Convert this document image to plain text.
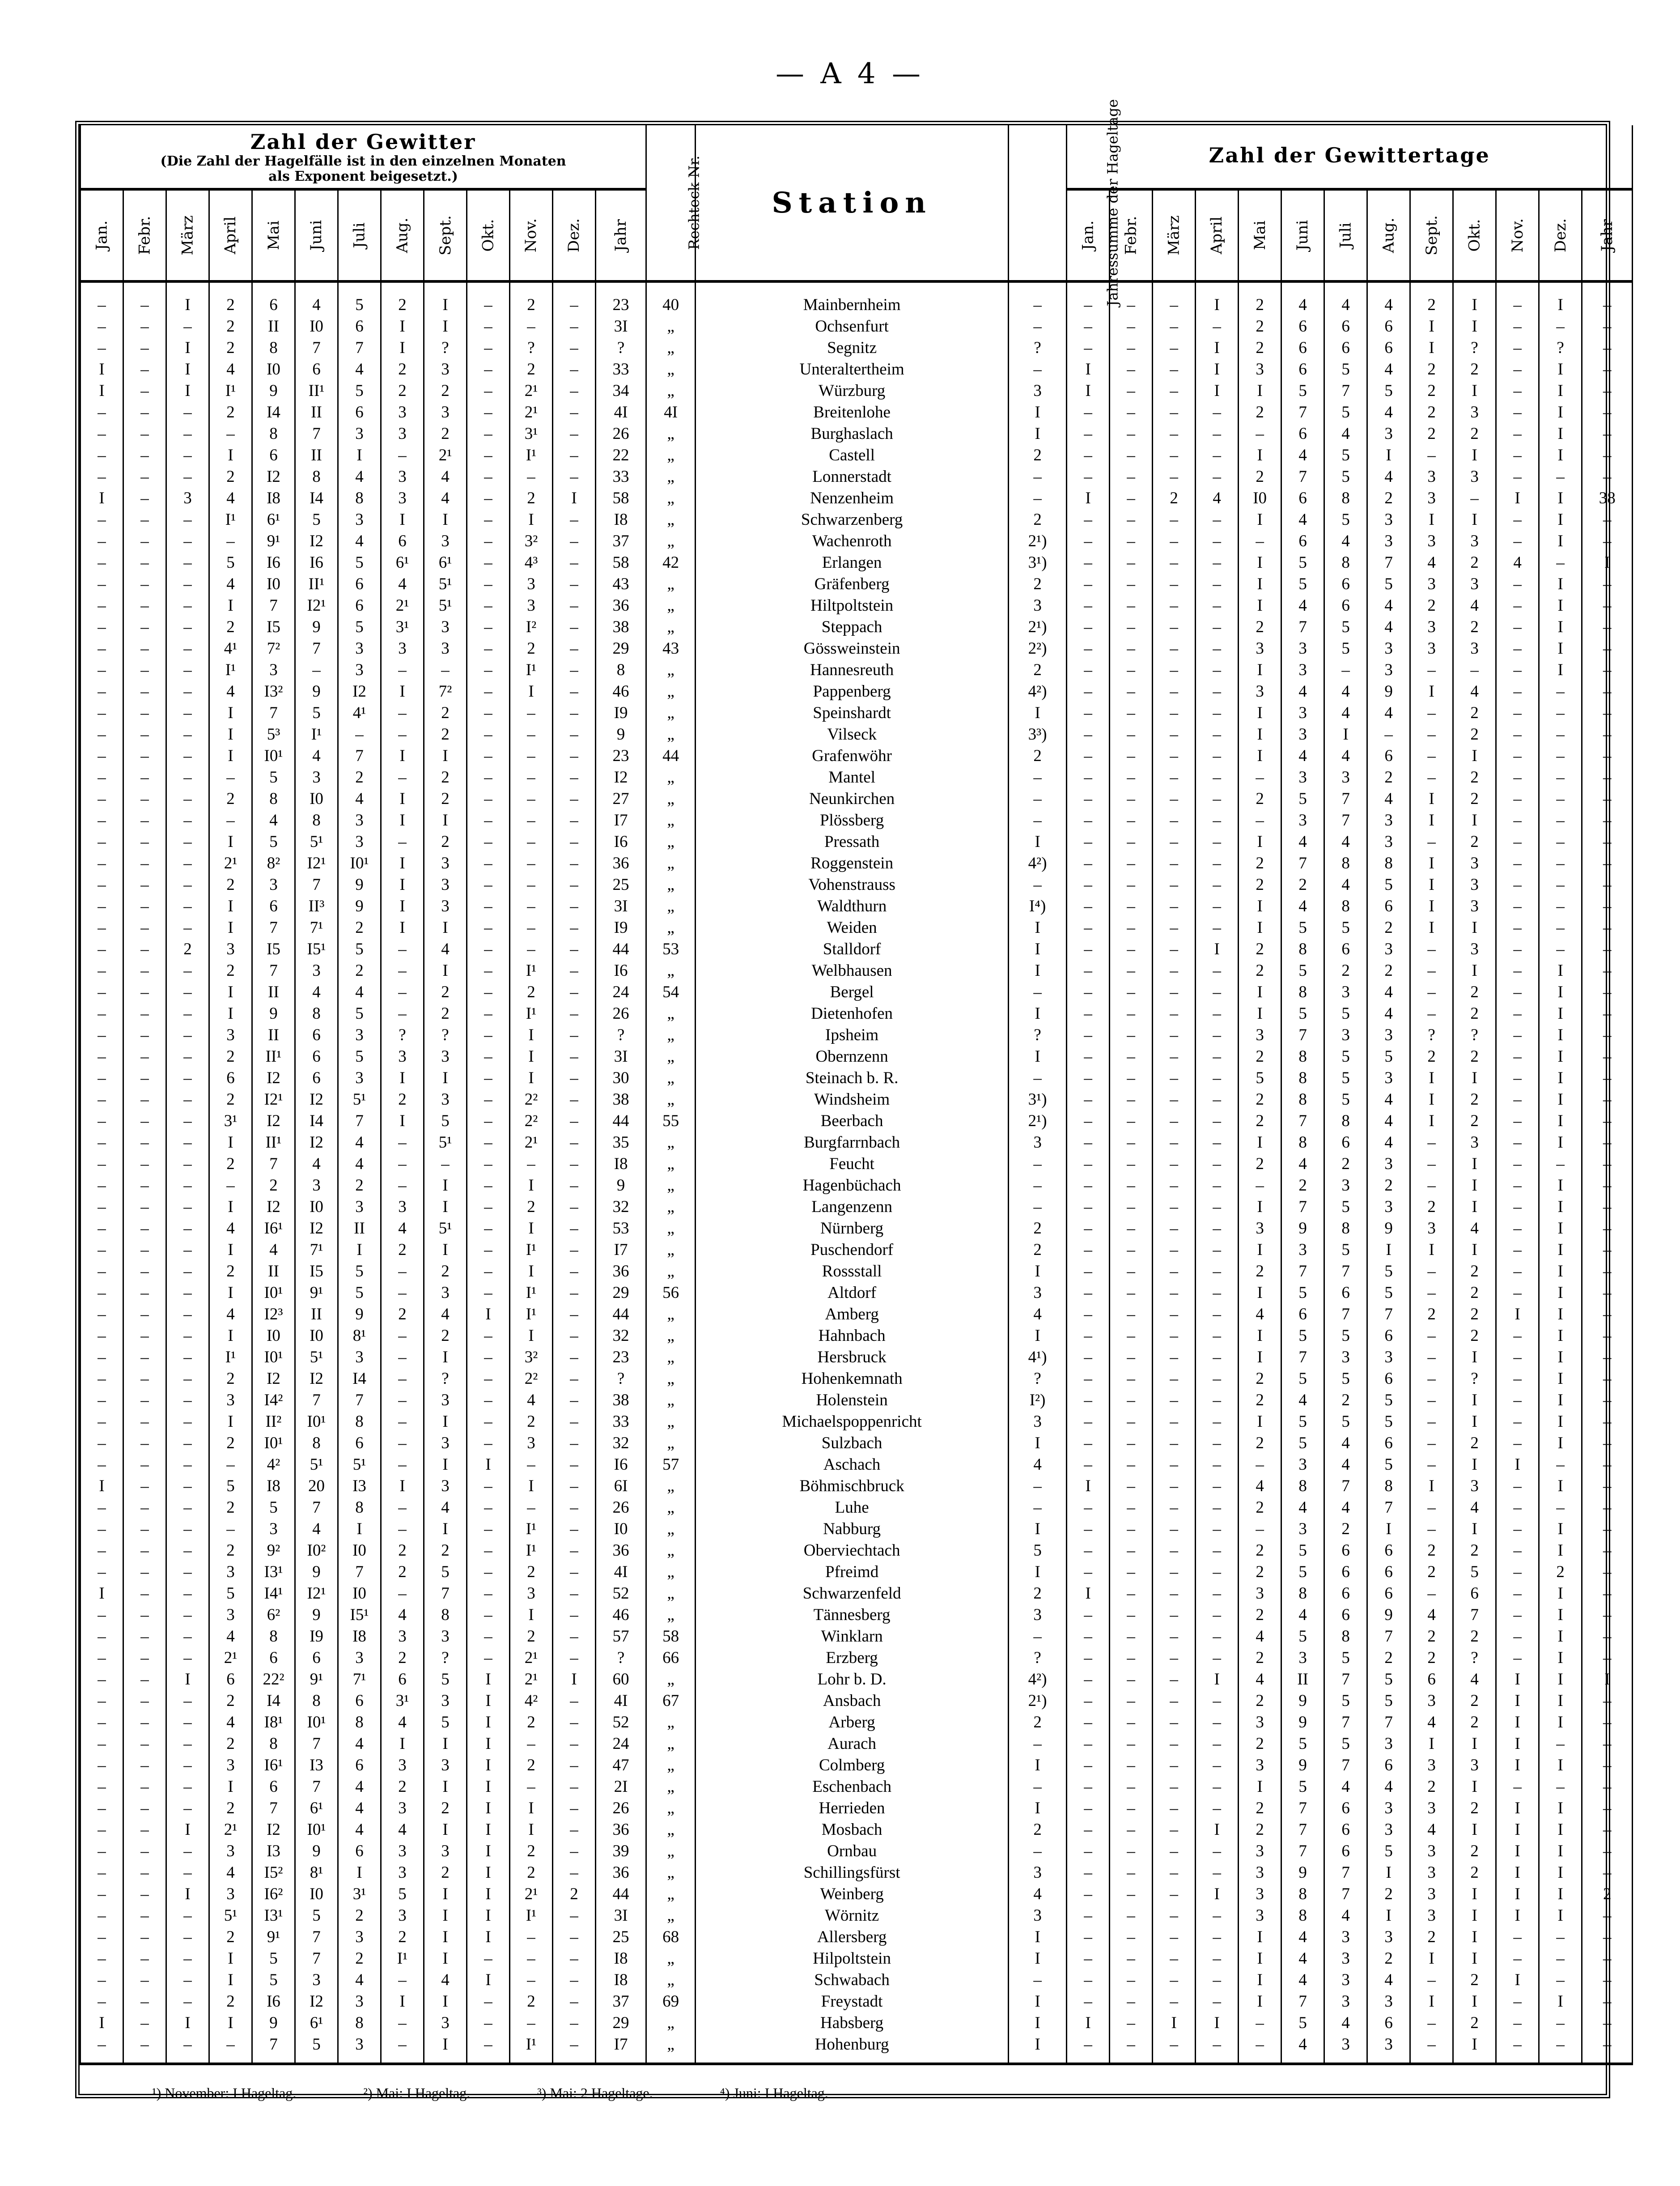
— A 4 —
Zahl der Gewitter
(Die Zahl der Hagelfälle ist in den einzelnen Monaten
als Exponent beigesetzt.)													Rechteck Nr.	Station	Jahressumme der Hageltage	Zahl der Gewittertage													

Jan.	Febr.	März	April	Mai	Juni	Juli	Aug.	Sept.	Okt.	Nov.	Dez.	Jahr				Jan.	Febr.	März	April	Mai	Juni	Juli	Aug.	Sept.	Okt.	Nov.	Dez.	Jahr	
–	–	I	2	6	4	5	2	I	–	2	–	23	40	Mainbernheim	–	–	–	–	I	2	4	4	4	2	I	–	I	–	
–	–	–	2	II	I0	6	I	I	–	–	–	3I	„	Ochsenfurt	–	–	–	–	–	2	6	6	6	I	I	–	–	–	
–	–	I	2	8	7	7	I	?	–	?	–	?	„	Segnitz	?	–	–	–	I	2	6	6	6	I	?	–	?	–	
I	–	I	4	I0	6	4	2	3	–	2	–	33	„	Unteraltertheim	–	I	–	–	I	3	6	5	4	2	2	–	I	–	
I	–	I	I¹	9	II¹	5	2	2	–	2¹	–	34	„	Würzburg	3	I	–	–	I	I	5	7	5	2	I	–	I	–	
–	–	–	2	I4	II	6	3	3	–	2¹	–	4I	4I	Breitenlohe	I	–	–	–	–	2	7	5	4	2	3	–	I	–	
–	–	–	–	8	7	3	3	2	–	3¹	–	26	„	Burghaslach	I	–	–	–	–	–	6	4	3	2	2	–	I	–	
–	–	–	I	6	II	I	–	2¹	–	I¹	–	22	„	Castell	2	–	–	–	–	I	4	5	I	–	I	–	I	–	
–	–	–	2	I2	8	4	3	4	–	–	–	33	„	Lonnerstadt	–	–	–	–	–	2	7	5	4	3	3	–	–	–	
I	–	3	4	I8	I4	8	3	4	–	2	I	58	„	Nenzenheim	–	I	–	2	4	I0	6	8	2	3	–	I	I	38	
–	–	–	I¹	6¹	5	3	I	I	–	I	–	I8	„	Schwarzenberg	2	–	–	–	–	I	4	5	3	I	I	–	I	–	
–	–	–	–	9¹	I2	4	6	3	–	3²	–	37	„	Wachenroth	2¹)	–	–	–	–	–	6	4	3	3	3	–	I	–	
–	–	–	5	I6	I6	5	6¹	6¹	–	4³	–	58	42	Erlangen	3¹)	–	–	–	–	I	5	8	7	4	2	4	–	I		
–	–	–	4	I0	II¹	6	4	5¹	–	3	–	43	„	Gräfenberg	2	–	–	–	–	I	5	6	5	3	3	–	I	–	
–	–	–	I	7	I2¹	6	2¹	5¹	–	3	–	36	„	Hiltpoltstein	3	–	–	–	–	I	4	6	4	2	4	–	I	–	
–	–	–	2	I5	9	5	3¹	3	–	I²	–	38	„	Steppach	2¹)	–	–	–	–	2	7	5	4	3	2	–	I	–	
–	–	–	4¹	7²	7	3	3	3	–	2	–	29	43	Gössweinstein	2²)	–	–	–	–	3	3	5	3	3	3	–	I	–	
–	–	–	I¹	3	–	3	–	–	–	I¹	–	8	„	Hannesreuth	2	–	–	–	–	I	3	–	3	–	–	–	I	–	
–	–	–	4	I3²	9	I2	I	7²	–	I	–	46	„	Pappenberg	4²)	–	–	–	–	3	4	4	9	I	4	–	–	–	
–	–	–	I	7	5	4¹	–	2	–	–	–	I9	„	Speinshardt	I	–	–	–	–	I	3	4	4	–	2	–	–	–	
–	–	–	I	5³	I¹	–	–	2	–	–	–	9	„	Vilseck	3³)	–	–	–	–	I	3	I	–	–	2	–	–	–	
–	–	–	I	I0¹	4	7	I	I	–	–	–	23	44	Grafenwöhr	2	–	–	–	–	I	4	4	6	–	I	–	–	–	
–	–	–	–	5	3	2	–	2	–	–	–	I2	„	Mantel	–	–	–	–	–	–	3	3	2	–	2	–	–	–	
–	–	–	2	8	I0	4	I	2	–	–	–	27	„	Neunkirchen	–	–	–	–	–	2	5	7	4	I	2	–	–	–	
–	–	–	–	4	8	3	I	I	–	–	–	I7	„	Plössberg	–	–	–	–	–	–	3	7	3	I	I	–	–	–	
–	–	–	I	5	5¹	3	–	2	–	–	–	I6	„	Pressath	I	–	–	–	–	I	4	4	3	–	2	–	–	–	
–	–	–	2¹	8²	I2¹	I0¹	I	3	–	–	–	36	„	Roggenstein	4²)	–	–	–	–	2	7	8	8	I	3	–	–	–	
–	–	–	2	3	7	9	I	3	–	–	–	25	„	Vohenstrauss	–	–	–	–	–	2	2	4	5	I	3	–	–	–	
–	–	–	I	6	II³	9	I	3	–	–	–	3I	„	Waldthurn	I⁴)	–	–	–	–	I	4	8	6	I	3	–	–	–	
–	–	–	I	7	7¹	2	I	I	–	–	–	I9	„	Weiden	I	–	–	–	–	I	5	5	2	I	I	–	–	–	
–	–	2	3	I5	I5¹	5	–	4	–	–	–	44	53	Stalldorf	I	–	–	–	I	2	8	6	3	–	3	–	–	–	
–	–	–	2	7	3	2	–	I	–	I¹	–	I6	„	Welbhausen	I	–	–	–	–	2	5	2	2	–	I	–	I	–	
–	–	–	I	II	4	4	–	2	–	2	–	24	54	Bergel	–	–	–	–	–	I	8	3	4	–	2	–	I	–	
–	–	–	I	9	8	5	–	2	–	I¹	–	26	„	Dietenhofen	I	–	–	–	–	I	5	5	4	–	2	–	I	–	
–	–	–	3	II	6	3	?	?	–	I	–	?	„	Ipsheim	?	–	–	–	–	3	7	3	3	?	?	–	I	–	
–	–	–	2	II¹	6	5	3	3	–	I	–	3I	„	Obernzenn	I	–	–	–	–	2	8	5	5	2	2	–	I	–	
–	–	–	6	I2	6	3	I	I	–	I	–	30	„	Steinach b. R.	–	–	–	–	–	5	8	5	3	I	I	–	I	–	
–	–	–	2	I2¹	I2	5¹	2	3	–	2²	–	38	„	Windsheim	3¹)	–	–	–	–	2	8	5	4	I	2	–	I	–	
–	–	–	3¹	I2	I4	7	I	5	–	2²	–	44	55	Beerbach	2¹)	–	–	–	–	2	7	8	4	I	2	–	I	–	
–	–	–	I	II¹	I2	4	–	5¹	–	2¹	–	35	„	Burgfarrnbach	3	–	–	–	–	I	8	6	4	–	3	–	I	–	
–	–	–	2	7	4	4	–	–	–	–	–	I8	„	Feucht	–	–	–	–	–	2	4	2	3	–	I	–	–	–	
–	–	–	–	2	3	2	–	I	–	I	–	9	„	Hagenbüchach	–	–	–	–	–	–	2	3	2	–	I	–	I	–	
–	–	–	I	I2	I0	3	3	I	–	2	–	32	„	Langenzenn	–	–	–	–	–	I	7	5	3	2	I	–	I	–	
–	–	–	4	I6¹	I2	II	4	5¹	–	I	–	53	„	Nürnberg	2	–	–	–	–	3	9	8	9	3	4	–	I	–	
–	–	–	I	4	7¹	I	2	I	–	I¹	–	I7	„	Puschendorf	2	–	–	–	–	I	3	5	I	I	I	–	I	–	
–	–	–	2	II	I5	5	–	2	–	I	–	36	„	Rossstall	I	–	–	–	–	2	7	7	5	–	2	–	I	–	
–	–	–	I	I0¹	9¹	5	–	3	–	I¹	–	29	56	Altdorf	3	–	–	–	–	I	5	6	5	–	2	–	I	–	
–	–	–	4	I2³	II	9	2	4	I	I¹	–	44	„	Amberg	4	–	–	–	–	4	6	7	7	2	2	I	I	–	
–	–	–	I	I0	I0	8¹	–	2	–	I	–	32	„	Hahnbach	I	–	–	–	–	I	5	5	6	–	2	–	I	–	
–	–	–	I¹	I0¹	5¹	3	–	I	–	3²	–	23	„	Hersbruck	4¹)	–	–	–	–	I	7	3	3	–	I	–	I	–	
–	–	–	2	I2	I2	I4	–	?	–	2²	–	?	„	Hohenkemnath	?	–	–	–	–	2	5	5	6	–	?	–	I	–	
–	–	–	3	I4²	7	7	–	3	–	4	–	38	„	Holenstein	I²)	–	–	–	–	2	4	2	5	–	I	–	I	–	
–	–	–	I	II²	I0¹	8	–	I	–	2	–	33	„	Michaelspoppenricht	3	–	–	–	–	I	5	5	5	–	I	–	I	–	
–	–	–	2	I0¹	8	6	–	3	–	3	–	32	„	Sulzbach	I	–	–	–	–	2	5	4	6	–	2	–	I	–	
–	–	–	–	4²	5¹	5¹	–	I	I	–	–	I6	57	Aschach	4	–	–	–	–	–	3	4	5	–	I	I	–	–	
I	–	–	5	I8	20	I3	I	3	–	I	–	6I	„	Böhmischbruck	–	I	–	–	–	4	8	7	8	I	3	–	I	–	
–	–	–	2	5	7	8	–	4	–	–	–	26	„	Luhe	–	–	–	–	–	2	4	4	7	–	4	–	–	–	
–	–	–	–	3	4	I	–	I	–	I¹	–	I0	„	Nabburg	I	–	–	–	–	–	3	2	I	–	I	–	I	–	
–	–	–	2	9²	I0²	I0	2	2	–	I¹	–	36	„	Oberviechtach	5	–	–	–	–	2	5	6	6	2	2	–	I	–	
–	–	–	3	I3¹	9	7	2	5	–	2	–	4I	„	Pfreimd	I	–	–	–	–	2	5	6	6	2	5	–	2	–	
I	–	–	5	I4¹	I2¹	I0	–	7	–	3	–	52	„	Schwarzenfeld	2	I	–	–	–	3	8	6	6	–	6	–	I	–	
–	–	–	3	6²	9	I5¹	4	8	–	I	–	46	„	Tännesberg	3	–	–	–	–	2	4	6	9	4	7	–	I	–	
–	–	–	4	8	I9	I8	3	3	–	2	–	57	58	Winklarn	–	–	–	–	–	4	5	8	7	2	2	–	I	–	
–	–	–	2¹	6	6	3	2	?	–	2¹	–	?	66	Erzberg	?	–	–	–	–	2	3	5	2	2	?	–	I	–	
–	–	I	6	22²	9¹	7¹	6	5	I	2¹	I	60	„	Lohr b. D.	4²)	–	–	–	I	4	II	7	5	6	4	I	I	I	
–	–	–	2	I4	8	6	3¹	3	I	4²	–	4I	67	Ansbach	2¹)	–	–	–	–	2	9	5	5	3	2	I	I	–	
–	–	–	4	I8¹	I0¹	8	4	5	I	2	–	52	„	Arberg	2	–	–	–	–	3	9	7	7	4	2	I	I	–	
–	–	–	2	8	7	4	I	I	I	–	–	24	„	Aurach	–	–	–	–	–	2	5	5	3	I	I	I	–	–	
–	–	–	3	I6¹	I3	6	3	3	I	2	–	47	„	Colmberg	I	–	–	–	–	3	9	7	6	3	3	I	I	–	
–	–	–	I	6	7	4	2	I	I	–	–	2I	„	Eschenbach	–	–	–	–	–	I	5	4	4	2	I	–	–	–	
–	–	–	2	7	6¹	4	3	2	I	I	–	26	„	Herrieden	I	–	–	–	–	2	7	6	3	3	2	I	I	–	
–	–	I	2¹	I2	I0¹	4	4	I	I	I	–	36	„	Mosbach	2	–	–	–	I	2	7	6	3	4	I	I	I	–	
–	–	–	3	I3	9	6	3	3	I	2	–	39	„	Ornbau	–	–	–	–	–	3	7	6	5	3	2	I	I	–	
–	–	–	4	I5²	8¹	I	3	2	I	2	–	36	„	Schillingsfürst	3	–	–	–	–	3	9	7	I	3	2	I	I	–	
–	–	I	3	I6²	I0	3¹	5	I	I	2¹	2	44	„	Weinberg	4	–	–	–	I	3	8	7	2	3	I	I	I	2	
–	–	–	5¹	I3¹	5	2	3	I	I	I¹	–	3I	„	Wörnitz	3	–	–	–	–	3	8	4	I	3	I	I	I	–	
–	–	–	2	9¹	7	3	2	I	I	–	–	25	68	Allersberg	I	–	–	–	–	I	4	3	3	2	I	–	–	–	
–	–	–	I	5	7	2	I¹	I	–	–	–	I8	„	Hilpoltstein	I	–	–	–	–	I	4	3	2	I	I	–	–	–	
–	–	–	I	5	3	4	–	4	I	–	–	I8	„	Schwabach	–	–	–	–	–	I	4	3	4	–	2	I	–	–	
–	–	–	2	I6	I2	3	I	I	–	2	–	37	69	Freystadt	I	–	–	–	–	I	7	3	3	I	I	–	I	–	
I	–	I	I	9	6¹	8	–	3	–	–	–	29	„	Habsberg	I	I	–	I	I	–	5	4	6	–	2	–	–	–	
–	–	–	–	7	5	3	–	I	–	I¹	–	I7	„	Hohenburg	I	–	–	–	–	–	4	3	3	–	I	–	–	–	
¹) November: I Hageltag.	²) Mai: I Hageltag.	³) Mai: 2 Hageltage.	⁴) Juni: I Hageltag.
